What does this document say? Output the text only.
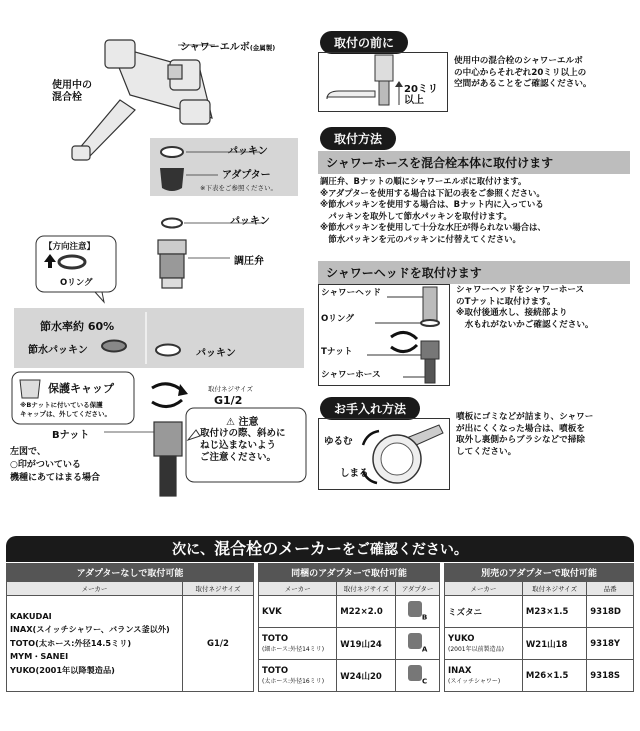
シャワーエルボ(金属製)
使用中の
混合栓
パッキン
アダプター
※下表をご参照ください。
パッキン
調圧弁
【方向注意】
Oリング
節水率約 60%
節水パッキン	パッキン
保護キャップ
※Bナットに付いている保護
キャップは、外してください。
取付ネジサイズ
G1/2
Bナット
⚠ 注意
取付けの際、斜めに
ねじ込まないよう
ご注意ください。
左図で、
○印がついている
機種にあてはまる場合
取付の前に
20ミリ
以上
使用中の混合栓のシャワーエルボ
の中心からそれぞれ20ミリ以上の
空間があることをご確認ください。
取付方法
シャワーホースを混合栓本体に取付けます
調圧弁、Bナットの順にシャワーエルボに取付けます。
※アダプターを使用する場合は下記の表をご参照ください。
※節水パッキンを使用する場合は、Bナット内に入っている
　パッキンを取外して節水パッキンを取付けます。
※節水パッキンを使用して十分な水圧が得られない場合は、
　節水パッキンを元のパッキンに付替えてください。
シャワーヘッドを取付けます
シャワーヘッド
Oリング
Tナット
シャワーホース
シャワーヘッドをシャワーホース
のTナットに取付けます。
※取付後通水し、接続部より
　水もれがないかご確認ください。
お手入れ方法
ゆるむ
しまる
噴板にゴミなどが詰まり、シャワー
が出にくくなった場合は、噴板を
取外し裏側からブラシなどで掃除
してください。
次に、混合栓のメーカーをご確認ください。
アダプターなしで取付可能	
メーカー	取付ネジサイズ

KAKUDAI
INAX(スイッチシャワー、バランス釜以外)
TOTO(太ホース:外径14.5ミリ)
MYM・SANEI
YUKO(2001年以降製造品)	G1/2
同梱のアダプターで取付可能		
メーカー	取付ネジサイズ	アダプター
KVK	M22×2.0	$_B$

TOTO
(細ホース:外径14ミリ)	W19山24	$_A$

TOTO
(太ホース:外径16ミリ)	W24山20	$_C$
別売のアダプターで取付可能		
メーカー	取付ネジサイズ	品番
ミズタニ	M23×1.5	9318D

YUKO
(2001年以前製造品)	W21山18	9318Y

INAX
(スイッチシャワー)	M26×1.5	9318S
